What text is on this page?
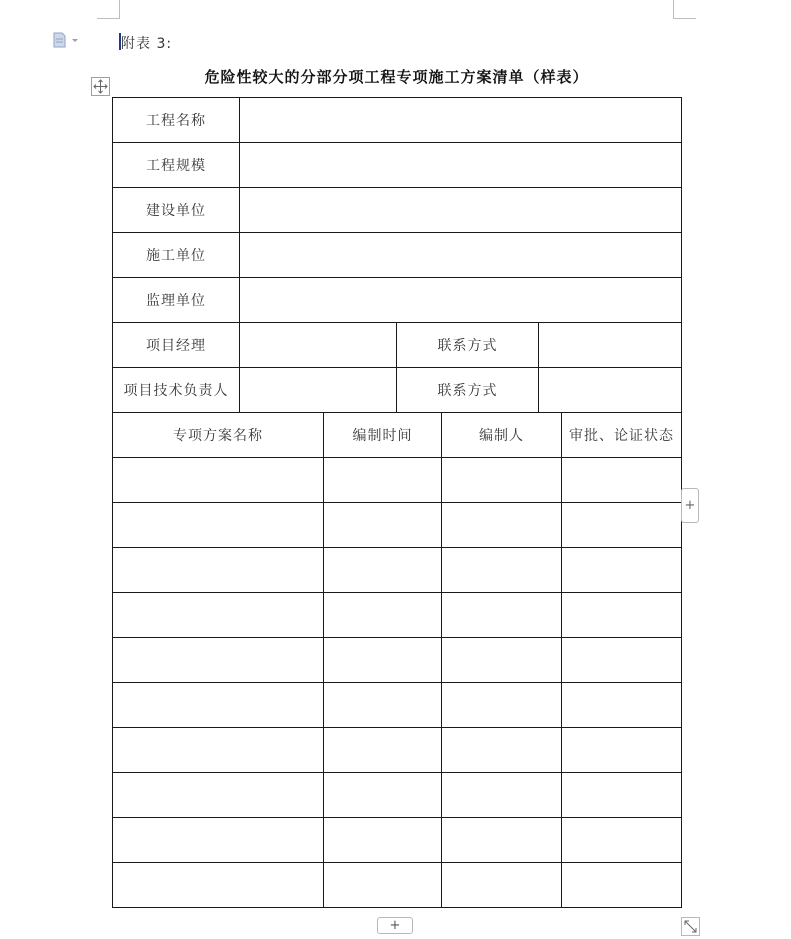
附表 3:
危险性较大的分部分项工程专项施工方案清单（样表）
工程名称						
工程规模						
建设单位						
施工单位						
监理单位						
项目经理			联系方式			
项目技术负责人			联系方式			
专项方案名称		编制时间		编制人		审批、论证状态

+
+
